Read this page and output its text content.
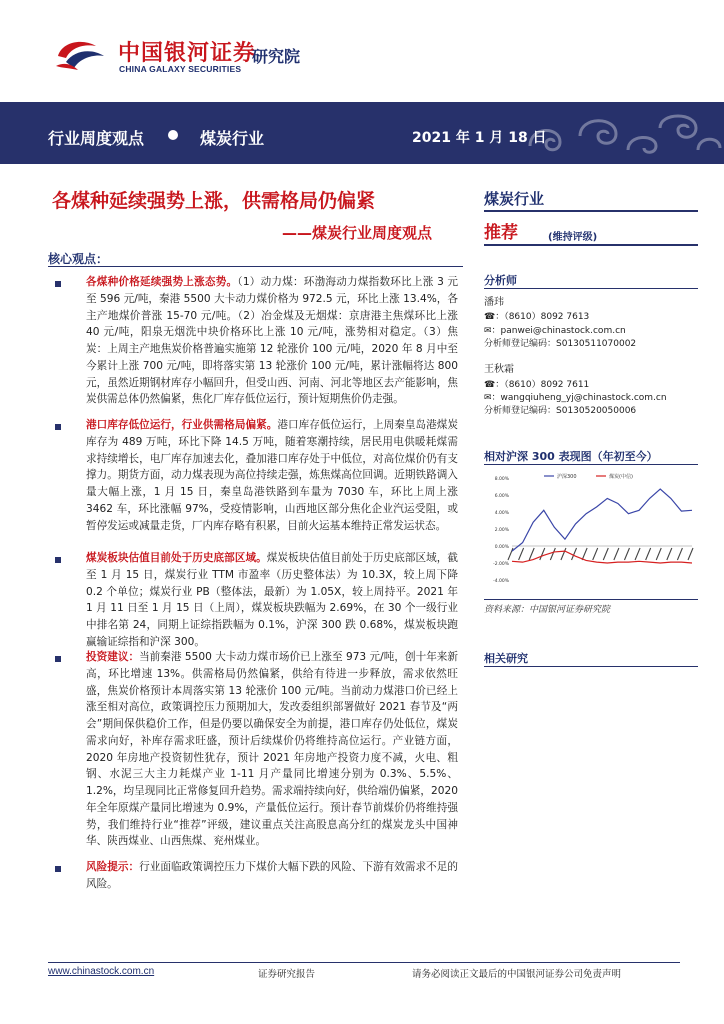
中国银河证券
CHINA GALAXY SECURITIES
研究院
行业周度观点	煤炭行业	2021 年 1 月 18 日
各煤种延续强势上涨，供需格局仍偏紧
——煤炭行业周度观点
煤炭行业
推荐	(维持评级)
核心观点：
各煤种价格延续强势上涨态势。（1）动力煤：环渤海动力煤指数环比上涨 3 元至 596 元/吨，秦港 5500 大卡动力煤价格为 972.5 元，环比上涨 13.4%，各主产地煤价普涨 15-70 元/吨。（2）冶金煤及无烟煤：京唐港主焦煤环比上涨 40 元/吨，阳泉无烟洗中块价格环比上涨 10 元/吨，涨势相对稳定。（3）焦炭：上周主产地焦炭价格普遍实施第 12 轮涨价 100 元/吨，2020 年 8 月中至今累计上涨 700 元/吨，即将落实第 13 轮涨价 100 元/吨，累计涨幅将达 800 元，虽然近期钢材库存小幅回升，但受山西、河南、河北等地区去产能影响，焦炭供需总体仍然偏紧，焦化厂库存低位运行，预计短期焦价仍走强。
港口库存低位运行，行业供需格局偏紧。港口库存低位运行，上周秦皇岛港煤炭库存为 489 万吨，环比下降 14.5 万吨，随着寒潮持续，居民用电供暖耗煤需求持续增长，电厂库存加速去化，叠加港口库存处于中低位，对高位煤价仍有支撑力。期货方面，动力煤表现为高位持续走强，炼焦煤高位回调。近期铁路调入量大幅上涨，1 月 15 日，秦皇岛港铁路到车量为 7030 车，环比上周上涨 3462 车，环比涨幅 97%，受疫情影响，山西地区部分焦化企业汽运受阻，或暂停发运或减量走货，厂内库存略有积累，目前火运基本维持正常发运状态。
煤炭板块估值目前处于历史底部区域。煤炭板块估值目前处于历史底部区域，截至 1 月 15 日，煤炭行业 TTM 市盈率（历史整体法）为 10.3X，较上周下降 0.2 个单位；煤炭行业 PB（整体法，最新）为 1.05X，较上周持平。2021 年 1 月 11 日至 1 月 15 日（上周），煤炭板块跌幅为 2.69%，在 30 个一级行业中排名第 24，同期上证综指跌幅为 0.1%，沪深 300 跌 0.68%，煤炭板块跑赢输证综指和沪深 300。
投资建议：当前秦港 5500 大卡动力煤市场价已上涨至 973 元/吨，创十年来新高，环比增速 13%。供需格局仍然偏紧，供给有待进一步释放，需求依然旺盛，焦炭价格预计本周落实第 13 轮涨价 100 元/吨。当前动力煤港口价已经上涨至相对高位，政策调控压力预期加大，发改委组织部署做好 2021 春节及“两会”期间保供稳价工作，但是仍要以确保安全为前提，港口库存仍处低位，煤炭需求向好，补库存需求旺盛，预计后续煤价仍将维持高位运行。产业链方面，2020 年房地产投资韧性犹存，预计 2021 年房地产投资力度不减，火电、粗钢、水泥三大主力耗煤产业 1-11 月产量同比增速分别为 0.3%、5.5%、1.2%，均呈现同比正常修复回升趋势。需求端持续向好，供给端仍偏紧，2020 年全年原煤产量同比增速为 0.9%，产量低位运行。预计春节前煤价仍将维持强势，我们维持行业“推荐”评级，建议重点关注高股息高分红的煤炭龙头中国神华、陕西煤业、山西焦煤、兖州煤业。
风险提示：行业面临政策调控压力下煤价大幅下跌的风险、下游有效需求不足的风险。
分析师
潘玮
☎：（8610）8092 7613
✉：panwei@chinastock.com.cn
分析师登记编码：S0130511070002
王秋霜
☎：（8610）8092 7611
✉：wangqiuheng_yj@chinastock.com.cn
分析师登记编码：S0130520050006
相对沪深 300 表现图（年初至今）
8.00%
6.00%
4.00%
2.00%
0.00%
-2.00%
-4.00%
沪深300	煤炭(中信)
资料来源：中国银河证券研究院
相关研究
www.chinastock.com.cn	证券研究报告	请务必阅读正文最后的中国银河证券公司免责声明
